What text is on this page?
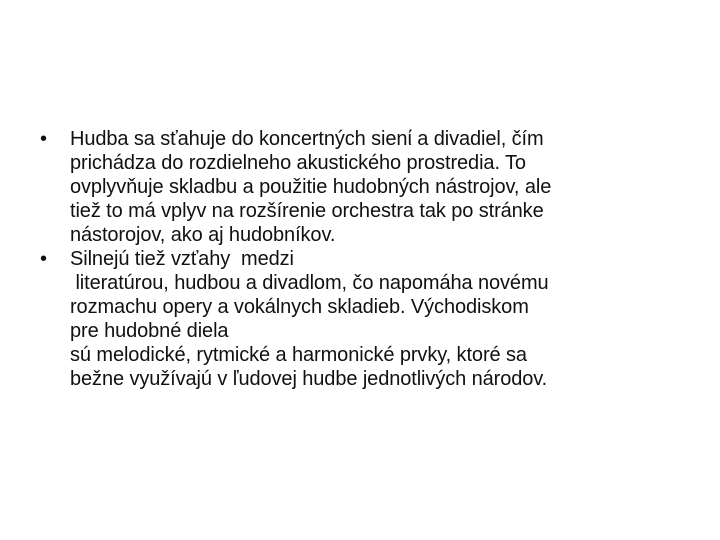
• Hudba sa sťahuje do koncertných sienί a divadiel, čím
prichádza do rozdielneho akustického prostredia. To
ovplyvňuje skladbu a použitie hudobných nástrojov, ale
tiež to má vplyv na rozšírenie orchestra tak po stránke
nástorojov, ako aj hudobníkov.
• Silnejú tiež vzťahy  medzi
literatúrou, hudbou a divadlom, čo napomáha novému
rozmachu opery a vokálnych skladieb. Východiskom
pre hudobné diela
sú melodické, rytmické a harmonické prvky, ktoré sa
bežne využívajú v ľudovej hudbe jednotlivých národov.
